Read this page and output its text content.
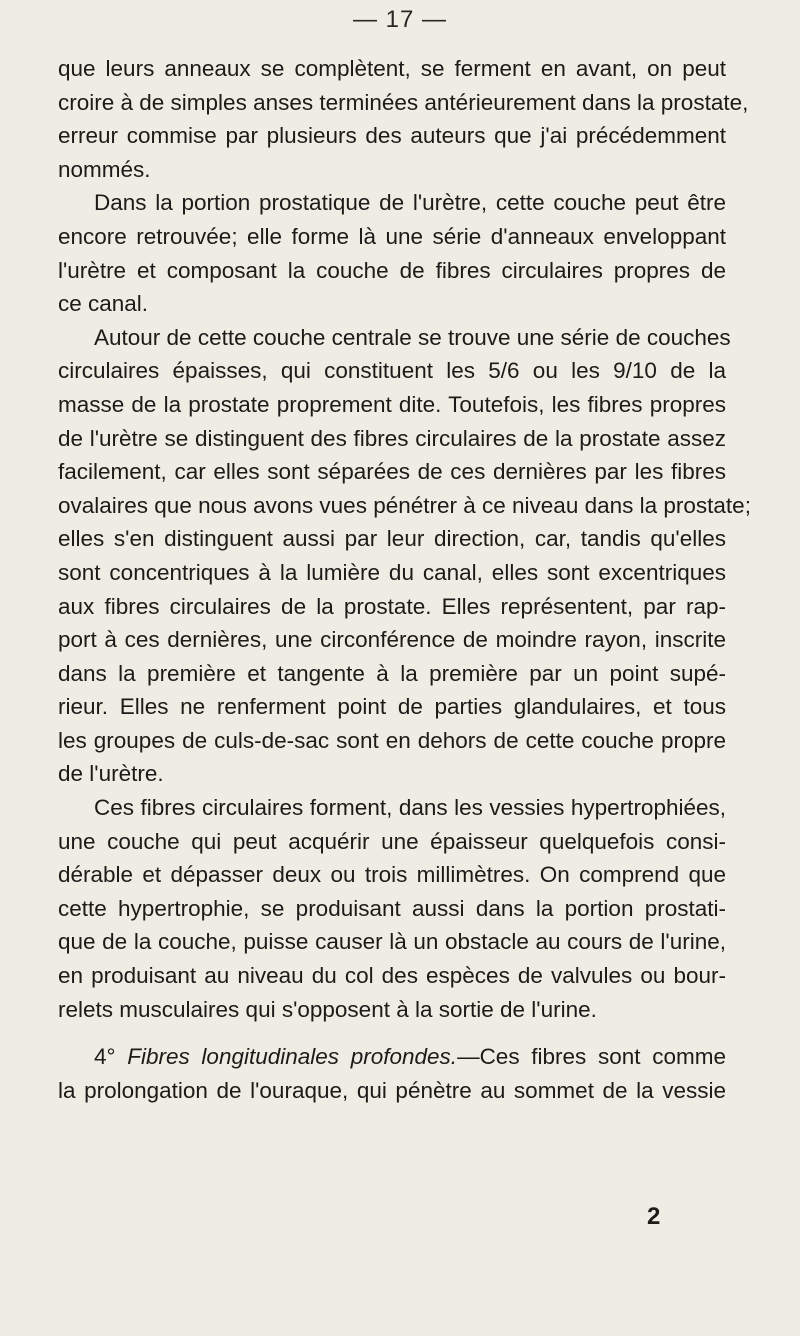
— 17 —
que leurs anneaux se complètent, se ferment en avant, on peut
croire à de simples anses terminées antérieurement dans la prostate,
erreur commise par plusieurs des auteurs que j'ai précédemment
nommés.
Dans la portion prostatique de l'urètre, cette couche peut être
encore retrouvée; elle forme là une série d'anneaux enveloppant
l'urètre et composant la couche de fibres circulaires propres de
ce canal.
Autour de cette couche centrale se trouve une série de couches
circulaires épaisses, qui constituent les 5/6 ou les 9/10 de la
masse de la prostate proprement dite. Toutefois, les fibres propres
de l'urètre se distinguent des fibres circulaires de la prostate assez
facilement, car elles sont séparées de ces dernières par les fibres
ovalaires que nous avons vues pénétrer à ce niveau dans la prostate;
elles s'en distinguent aussi par leur direction, car, tandis qu'elles
sont concentriques à la lumière du canal, elles sont excentriques
aux fibres circulaires de la prostate. Elles représentent, par rap-
port à ces dernières, une circonférence de moindre rayon, inscrite
dans la première et tangente à la première par un point supé-
rieur. Elles ne renferment point de parties glandulaires, et tous
les groupes de culs-de-sac sont en dehors de cette couche propre
de l'urètre.
Ces fibres circulaires forment, dans les vessies hypertrophiées,
une couche qui peut acquérir une épaisseur quelquefois consi-
dérable et dépasser deux ou trois millimètres. On comprend que
cette hypertrophie, se produisant aussi dans la portion prostati-
que de la couche, puisse causer là un obstacle au cours de l'urine,
en produisant au niveau du col des espèces de valvules ou bour-
relets musculaires qui s'opposent à la sortie de l'urine.
4° Fibres longitudinales profondes.—Ces fibres sont comme
la prolongation de l'ouraque, qui pénètre au sommet de la vessie
2
